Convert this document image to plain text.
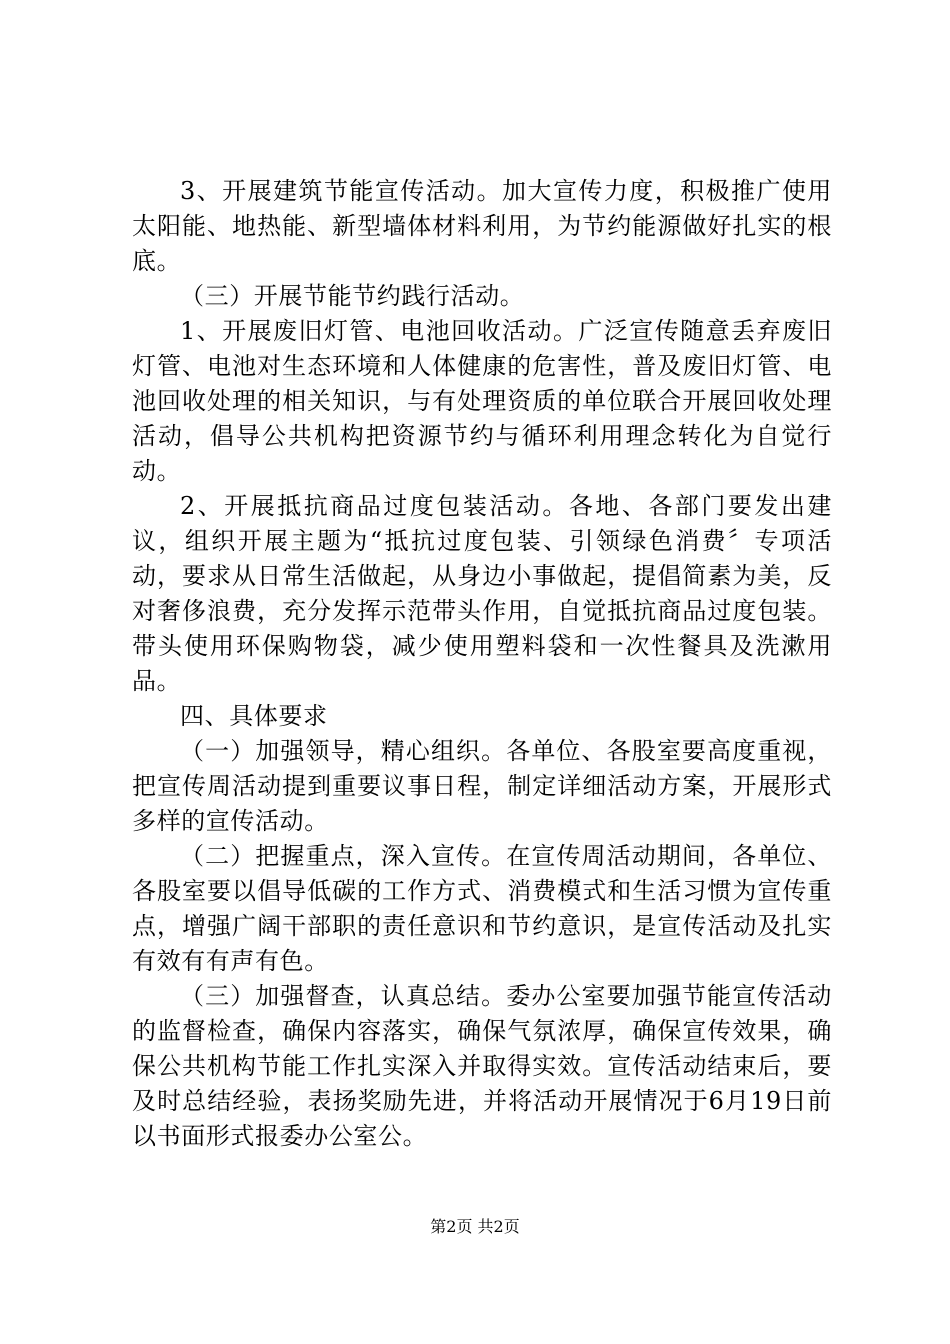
3、开展建筑节能宣传活动。加大宣传力度，积极推广使用太阳能、地热能、新型墙体材料利用，为节约能源做好扎实的根底。

（三）开展节能节约践行活动。

1、开展废旧灯管、电池回收活动。广泛宣传随意丢弃废旧灯管、电池对生态环境和人体健康的危害性，普及废旧灯管、电池回收处理的相关知识，与有处理资质的单位联合开展回收处理活动，倡导公共机构把资源节约与循环利用理念转化为自觉行动。

2、开展抵抗商品过度包装活动。各地、各部门要发出建议，组织开展主题为“抵抗过度包装、引领绿色消费〞专项活动，要求从日常生活做起，从身边小事做起，提倡简素为美，反对奢侈浪费，充分发挥示范带头作用，自觉抵抗商品过度包装。带头使用环保购物袋，减少使用塑料袋和一次性餐具及洗漱用品。

四、具体要求

（一）加强领导，精心组织。各单位、各股室要高度重视，把宣传周活动提到重要议事日程，制定详细活动方案，开展形式多样的宣传活动。

（二）把握重点，深入宣传。在宣传周活动期间，各单位、各股室要以倡导低碳的工作方式、消费模式和生活习惯为宣传重点，增强广阔干部职的责任意识和节约意识，是宣传活动及扎实有效有有声有色。

（三）加强督查，认真总结。委办公室要加强节能宣传活动的监督检查，确保内容落实，确保气氛浓厚，确保宣传效果，确保公共机构节能工作扎实深入并取得实效。宣传活动结束后，要及时总结经验，表扬奖励先进，并将活动开展情况于6月19日前以书面形式报委办公室公。

第2页 共2页
